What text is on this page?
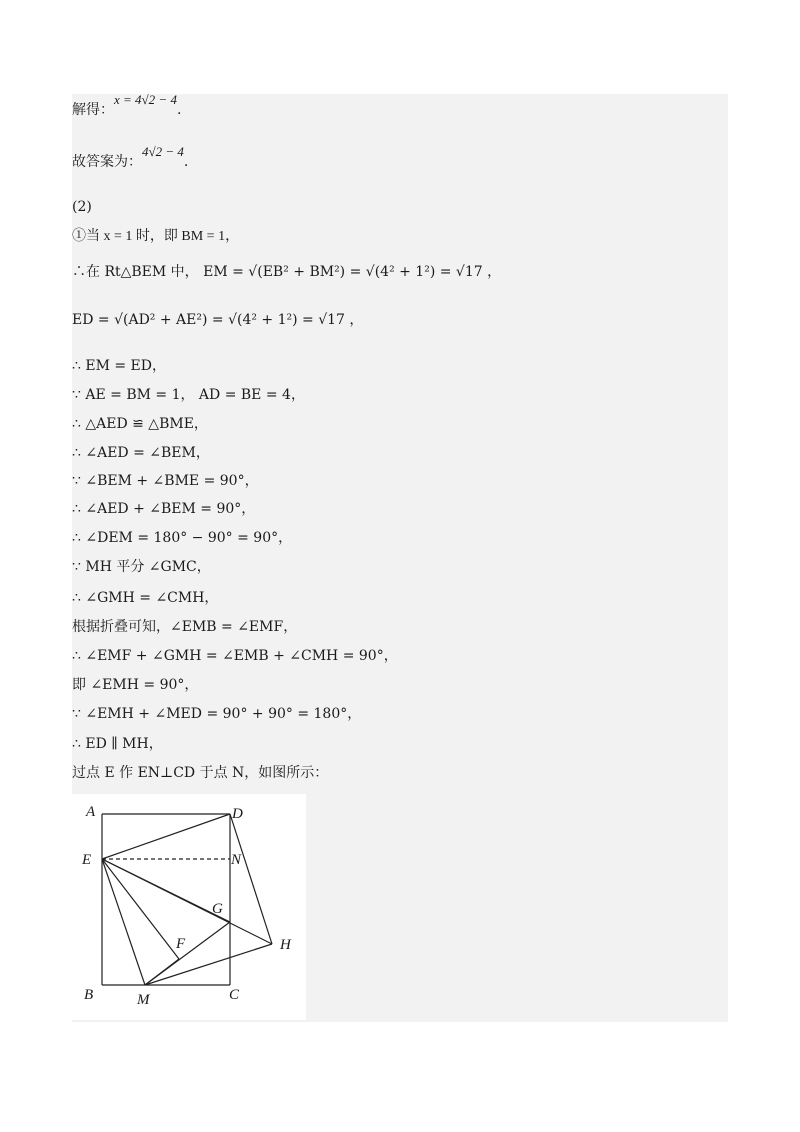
解得：x = 4√2 − 4.
故答案为：4√2 − 4.
(2)
①当 x = 1 时，即 BM = 1，
∴在 Rt△BEM 中， EM = √(EB² + BM²) = √(4² + 1²) = √17 ，
ED = √(AD² + AE²) = √(4² + 1²) = √17 ，
∴ EM = ED，
∵ AE = BM = 1， AD = BE = 4，
∴ △AED ≌ △BME，
∴ ∠AED = ∠BEM，
∵ ∠BEM + ∠BME = 90°，
∴ ∠AED + ∠BEM = 90°，
∴ ∠DEM = 180° − 90° = 90°，
∵ MH 平分 ∠GMC，
∴ ∠GMH = ∠CMH，
根据折叠可知，∠EMB = ∠EMF，
∴ ∠EMF + ∠GMH = ∠EMB + ∠CMH = 90°，
即 ∠EMH = 90°，
∵ ∠EMH + ∠MED = 90° + 90° = 180°，
∴ ED ∥ MH，
过点 E 作 EN⊥CD 于点 N，如图所示：
A	D
E	N
G
H
F
B	M	C
